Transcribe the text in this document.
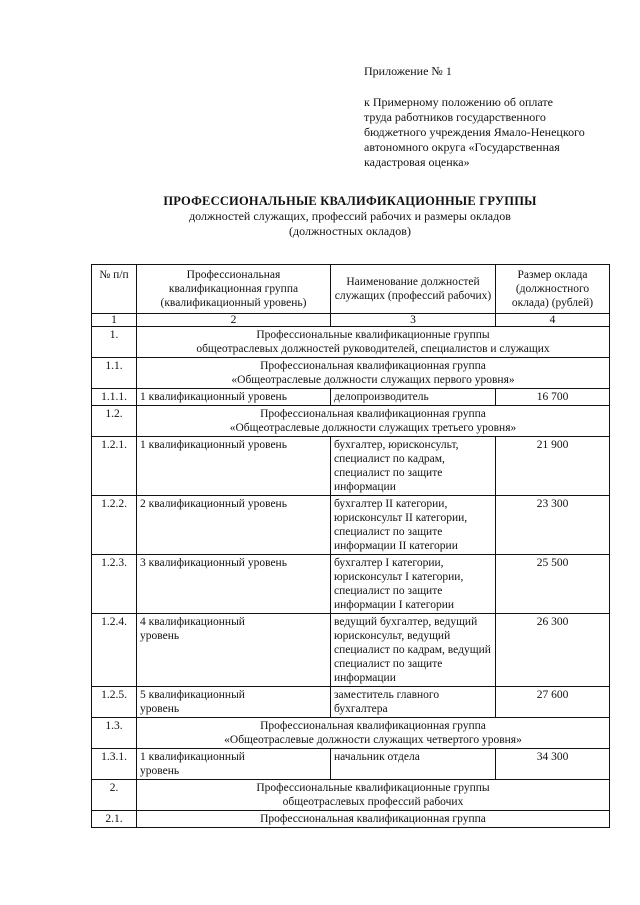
Приложение № 1
к Примерному положению об оплате
труда работников государственного
бюджетного учреждения Ямало-Ненецкого
автономного округа «Государственная
кадастровая оценка»
ПРОФЕССИОНАЛЬНЫЕ КВАЛИФИКАЦИОННЫЕ ГРУППЫ
должностей служащих, профессий рабочих и размеры окладов
(должностных окладов)
№ п/п	Профессиональная квалификационная группа (квалификационный уровень)	Наименование должностей служащих (профессий рабочих)	Размер оклада (должностного оклада) (рублей)
1	2	3	4
1.	Профессиональные квалификационные группы
общеотраслевых должностей руководителей, специалистов и служащих		

1.1.	Профессиональная квалификационная группа
«Общеотраслевые должности служащих первого уровня»		

1.1.1.	1 квалификационный уровень	делопроизводитель	16 700
1.2.	Профессиональная квалификационная группа
«Общеотраслевые должности служащих третьего уровня»		

1.2.1.	1 квалификационный уровень	бухгалтер, юрисконсульт, специалист по кадрам, специалист по защите информации	21 900
1.2.2.	2 квалификационный уровень	бухгалтер II категории, юрисконсульт II категории, специалист по защите информации II категории	23 300
1.2.3.	3 квалификационный уровень	бухгалтер I категории, юрисконсульт I категории, специалист по защите информации I категории	25 500
1.2.4.	4 квалификационный уровень	ведущий бухгалтер, ведущий юрисконсульт, ведущий специалист по кадрам, ведущий специалист по защите информации	26 300
1.2.5.	5 квалификационный уровень	заместитель главного бухгалтера	27 600
1.3.	Профессиональная квалификационная группа
«Общеотраслевые должности служащих четвертого уровня»		

1.3.1.	1 квалификационный уровень	начальник отдела	34 300
2.	Профессиональные квалификационные группы
общеотраслевых профессий рабочих		

2.1.	Профессиональная квалификационная группа		
